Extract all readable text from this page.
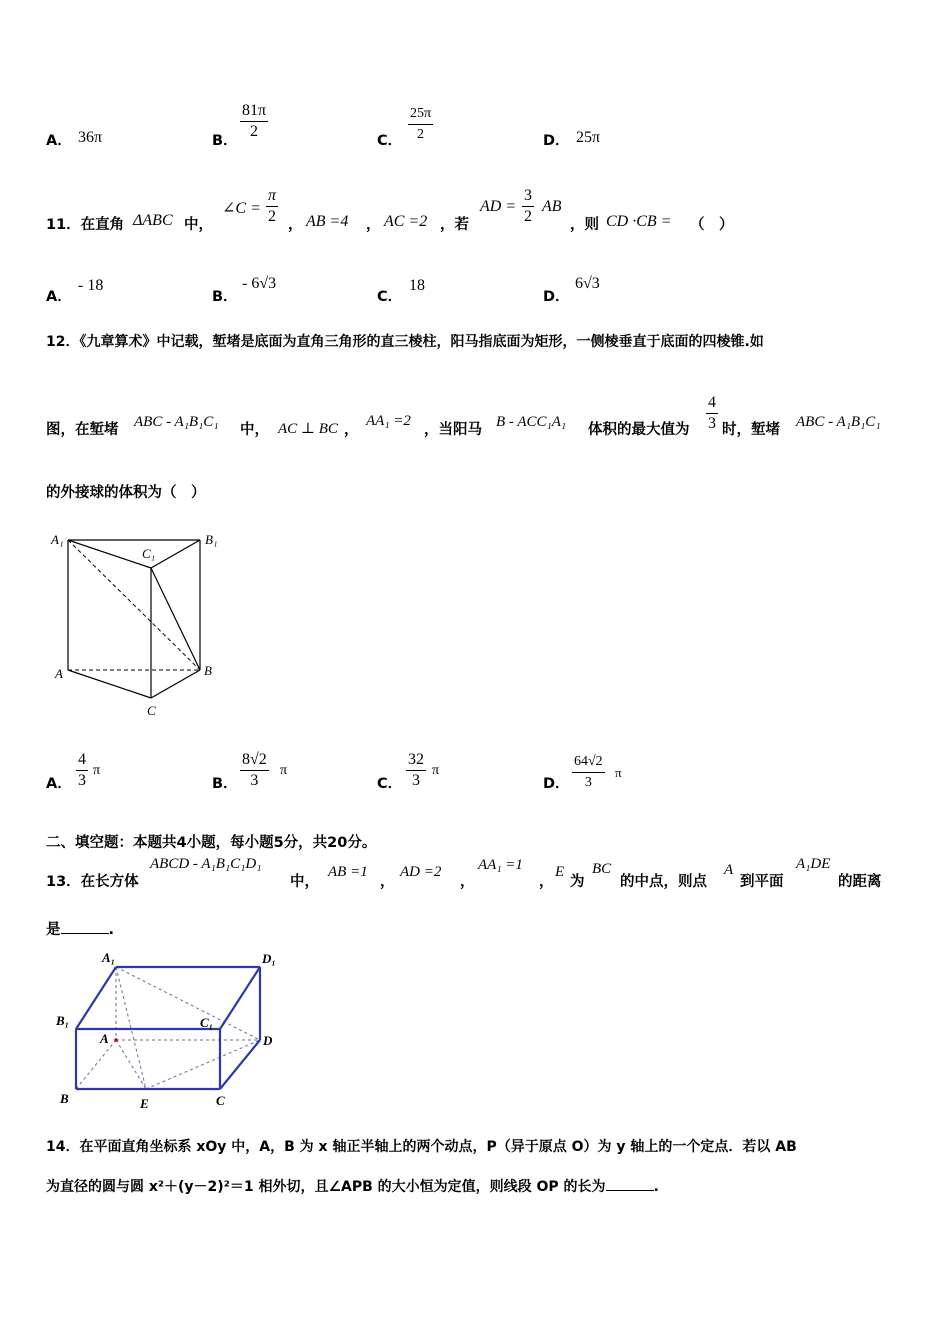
A． 36π	B． $\frac{81\pi}{2}$	C． $\frac{25\pi}{2}$	D． 25π
11．在直角 ΔABC 中，
∠C = $\frac{\pi}{2}$ ， AB =4 ， AC =2 ，若
AD = $\frac{3}{2}$ AB
，则 CD ·CB = （　）
A．
- 18
B．
- 6√3
C．
18
D．
6√3
12．《九章算术》中记载，堑堵是底面为直角三角形的直三棱柱，阳马指底面为矩形，一侧棱垂直于底面的四棱锥.如
图，在堑堵 ABC - A₁B₁C₁ 中， AC ⊥ BC ，
AA₁ =2
，当阳马 B - ACC₁A₁ 体积的最大值为 $\frac{4}{3}$ 时，堑堵 ABC - A₁B₁C₁
的外接球的体积为（　）
A₁	B₁
C₁
A	B
C
A． $\frac{4}{3}$ π
B． $\frac{8√2}{3}$ π
C． $\frac{32}{3}$ π
D． $\frac{64√2}{3}$ π
二、填空题：本题共4小题，每小题5分，共20分。
13．在长方体
ABCD - A₁B₁C₁D₁
中，
AB =1
，
AD =2
，
AA₁ =1
，
E
为
BC
的中点，则点
A
到平面
A₁DE
的距离
是	.
A₁	D₁
B₁	C₁
A	D
B	E	C
14．在平面直角坐标系 xOy 中，A，B 为 x 轴正半轴上的两个动点，P（异于原点 O）为 y 轴上的一个定点．若以 AB
为直径的圆与圆 x²＋(y－2)²＝1 相外切，且∠APB 的大小恒为定值，则线段 OP 的长为	.
